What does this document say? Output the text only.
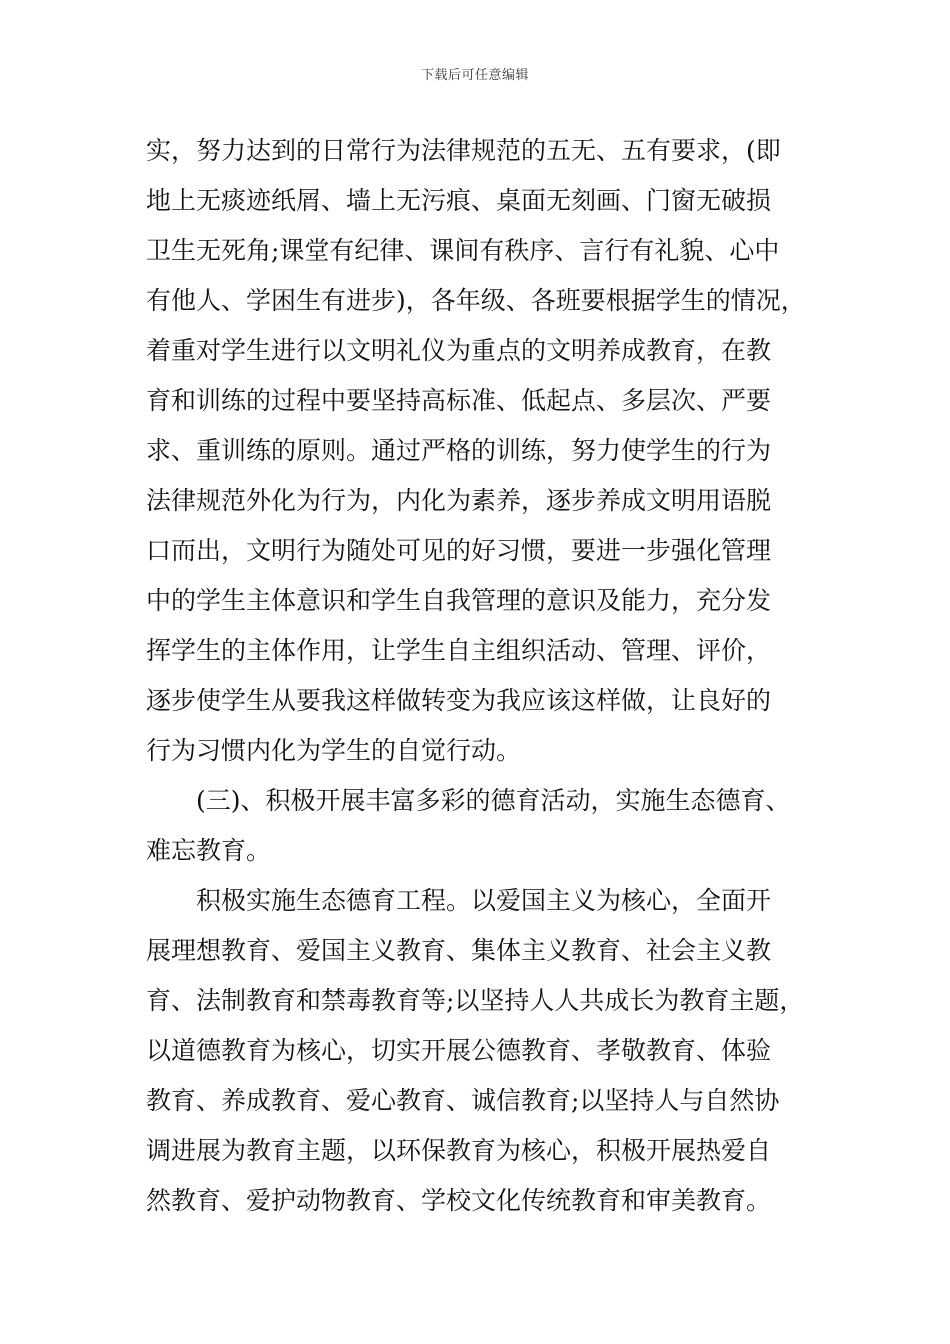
下载后可任意编辑
实，努力达到的日常行为法律规范的五无、五有要求，(即
地上无痰迹纸屑、墙上无污痕、桌面无刻画、门窗无破损
卫生无死角;课堂有纪律、课间有秩序、言行有礼貌、心中
有他人、学困生有进步)，各年级、各班要根据学生的情况，
着重对学生进行以文明礼仪为重点的文明养成教育，在教
育和训练的过程中要坚持高标准、低起点、多层次、严要
求、重训练的原则。通过严格的训练，努力使学生的行为
法律规范外化为行为，内化为素养，逐步养成文明用语脱
口而出，文明行为随处可见的好习惯，要进一步强化管理
中的学生主体意识和学生自我管理的意识及能力，充分发
挥学生的主体作用，让学生自主组织活动、管理、评价，
逐步使学生从要我这样做转变为我应该这样做，让良好的
行为习惯内化为学生的自觉行动。
(三)、积极开展丰富多彩的德育活动，实施生态德育、
难忘教育。
积极实施生态德育工程。以爱国主义为核心，全面开
展理想教育、爱国主义教育、集体主义教育、社会主义教
育、法制教育和禁毒教育等;以坚持人人共成长为教育主题，
以道德教育为核心，切实开展公德教育、孝敬教育、体验
教育、养成教育、爱心教育、诚信教育;以坚持人与自然协
调进展为教育主题，以环保教育为核心，积极开展热爱自
然教育、爱护动物教育、学校文化传统教育和审美教育。
